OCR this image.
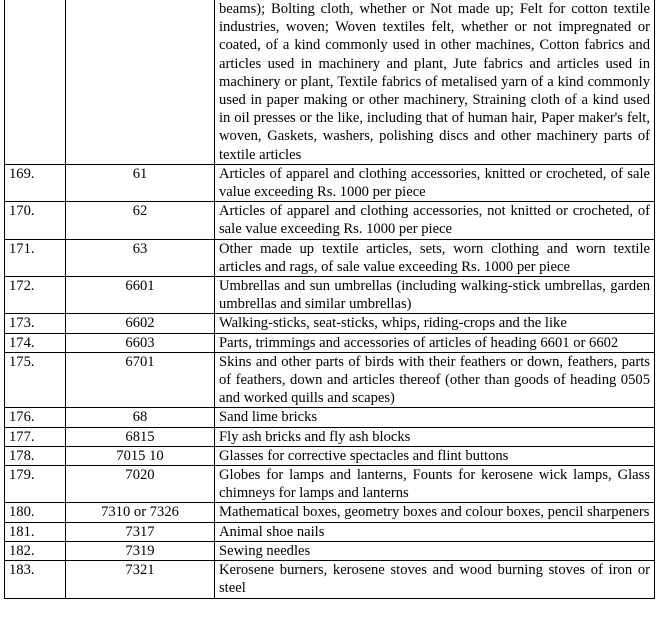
		beams); Bolting cloth, whether or Not made up; Felt for cotton textile industries, woven; Woven textiles felt, whether or not impregnated or coated, of a kind commonly used in other machines, Cotton fabrics and articles used in machinery and plant, Jute fabrics and articles used in machinery or plant, Textile fabrics of metalised yarn of a kind commonly used in paper making or other machinery, Straining cloth of a kind used in oil presses or the like, including that of human hair, Paper maker's felt, woven, Gaskets, washers, polishing discs and other machinery parts of textile articles
169.	61	Articles of apparel and clothing accessories, knitted or crocheted, of sale value exceeding Rs. 1000 per piece
170.	62	Articles of apparel and clothing accessories, not knitted or crocheted, of sale value exceeding Rs. 1000 per piece
171.	63	Other made up textile articles, sets, worn clothing and worn textile articles and rags, of sale value exceeding Rs. 1000 per piece
172.	6601	Umbrellas and sun umbrellas (including walking-stick umbrellas, garden umbrellas and similar umbrellas)
173.	6602	Walking-sticks, seat-sticks, whips, riding-crops and the like
174.	6603	Parts, trimmings and accessories of articles of heading 6601 or 6602
175.	6701	Skins and other parts of birds with their feathers or down, feathers, parts of feathers, down and articles thereof (other than goods of heading 0505 and worked quills and scapes)
176.	68	Sand lime bricks
177.	6815	Fly ash bricks and fly ash blocks
178.	7015 10	Glasses for corrective spectacles and flint buttons
179.	7020	Globes for lamps and lanterns, Founts for kerosene wick lamps, Glass chimneys for lamps and lanterns
180.	7310 or 7326	Mathematical boxes, geometry boxes and colour boxes, pencil sharpeners
181.	7317	Animal shoe nails
182.	7319	Sewing needles
183.	7321	Kerosene burners, kerosene stoves and wood burning stoves of iron or steel
